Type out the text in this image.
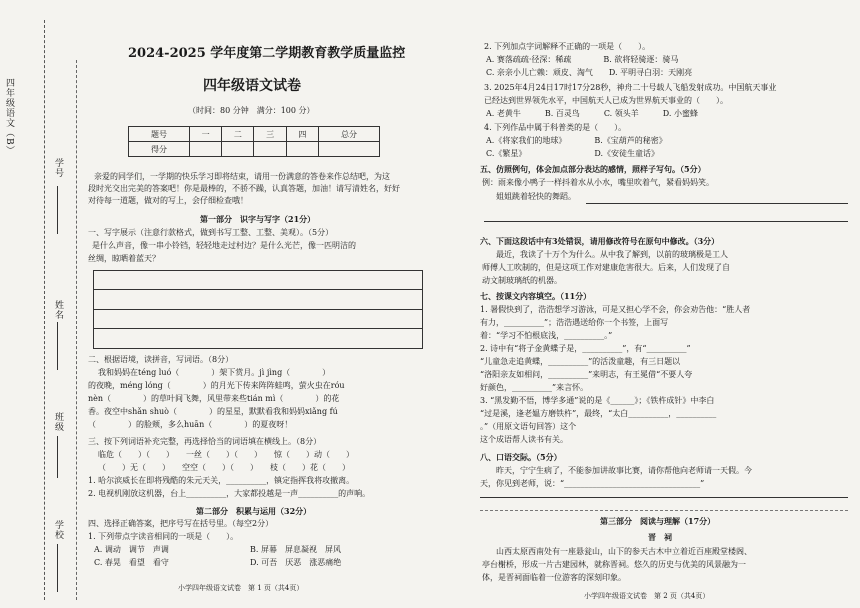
四年级语文（B）
学号
姓名
班级
学校
2024-2025 学年度第二学期教育教学质量监控
四年级语文试卷
（时间：80 分钟　满分：100 分）
题号	一	二	三	四	总分
得分					
亲爱的同学们，一学期的快乐学习即将结束，请用一份满意的答卷来作总结吧，为这
段时光交出完美的答案吧！你是最棒的，不骄不躁，认真答题，加油！请写清姓名，好好
对待每一道题，做对的写上，会仔细检查哦！
第一部分　识字与写字（21分）
一、写字展示（注意行款格式，做到书写工整、工整、美观）。（5分）
是什么声音，像一串小铃铛，轻轻地走过村边？是什么光芒，像一匹明洁的
丝绸，晾晒着蓝天？
二、根据语境，读拼音，写词语。（8分）
我和妈妈在téng luó（　　　　）架下赏月。jì jìng（　　　　）
的夜晚，méng lóng（　　　　）的月光下传来阵阵蛙鸣，萤火虫在róu
nèn（　　　　）的草叶间飞舞，风里带来些tián mì（　　　　）的花
香。夜空中shǎn shuò（　　　　）的星星，默默看我和妈妈xiǎng fú
（　　　　）的脸颊，多么huān（　　　　）的夏夜呀！
三、按下列词语补充完整，再选择恰当的词语填在横线上。（8分）
临危（　　）（　　）　　一丝（　　）（　　）　　惊（　　）动（　　）
（　　）无（　　）　　空空（　　）（　　）　　枝（　　）花（　　）
1. 哈尔滨威长在即将残酷的朱元天关，__________，镇定指挥我将攻撤离。
2. 电视机刚放这机器，台上__________，大家都投越是一声__________的声响。
第二部分　积累与运用（32分）
四、选择正确答案，把序号写在括号里。（每空2分）
1. 下列带点字读音相同的一项是（　　）。
A. 调动　调节　声调	B. 屏幕　屏息凝视　屏风
C. 春晃　看望　看守	D. 可吾　厌恶　涨恶痛绝
小学四年级语文试卷　第 1 页（共4页）
2. 下列加点字词解释不正确的一项是（　　）。
A. 赛落疏疏·径深：稀疏　　　　B. 欲将轻骑逐：骑马
C. 亲亲小儿亡赖：顽皮、淘气　　D. 平明寻白羽：天刚亮
3. 2025年4月24日17时17分28秒，神舟二十号载人飞船发射成功。中国航天事业
已经达到世界领先水平，中国航天人已成为世界航天事业的（　　）。
A. 老黄牛　　　B. 百灵鸟　　　C. 领头羊　　　D. 小蜜蜂
4. 下列作品中属于科普类的是（　　）。
A.《将家我们的地球》　　　　B.《宝葫芦的秘密》
C.《繁星》　　　　　　　　　D.《安徒生童话》
五、仿照例句，体会加点部分表达的感情，照样子写句。（5分）
例：雨来像小鸭子一样抖着水从小水，嘴里吹着气，紧看妈妈笑。
姐姐跳着轻快的舞蹈。
六、下面这段话中有3处错误，请用修改符号在原句中修改。（3分）
最近，我读了十万个为什么。从中我了解到，以前的玻璃极是工人
师傅人工吹制的，但是这项工作对建康危害很大。后来，人们发现了自
动文制玻璃纸的机器。
七、按课文内容填空。（11分）
1. 暑假快到了，浩浩想学习游泳，可是又担心学不会，你会劝告他：“胜人者
有力，__________”；浩浩遇送给你一个书签，上面写
着：“学习不怕根底浅，__________。”
2. 诗中有“将子金黄蝶子是，__________”，有“__________”
“儿童急走追黄蝶，__________”的活泼童趣，有三日题以
“洛阳亲友如相问，__________”来明志，有王冕借“不要人夸
好颜色，__________”来言怀。
3. “黑发勤不悟，博学多通”说的是《______》；《铁杵成针》中李白
“过是溪，逢老媪方磨铁杵”，最终，“太白__________，__________
。”（用原文语句回答）这个
这个成语帮人读书有关。
八、口语交际。（5分）
昨天，宁宁生病了，不能参加讲故事比赛，请你帮他向老师请一天假。今
天，你见到老师，说：“__________________________________”
第三部分　阅读与理解（17分）
晋　祠
山西太原西南处有一座悬瓮山，山下的参天古木中立着近百座殿堂楼阁、
亭台榭桥，形成一片古建园林，就称晋祠。悠久的历史与优美的风景融为一
体，是晋祠面临着一位游客的深刻印象。
小学四年级语文试卷　第 2 页（共4页）
